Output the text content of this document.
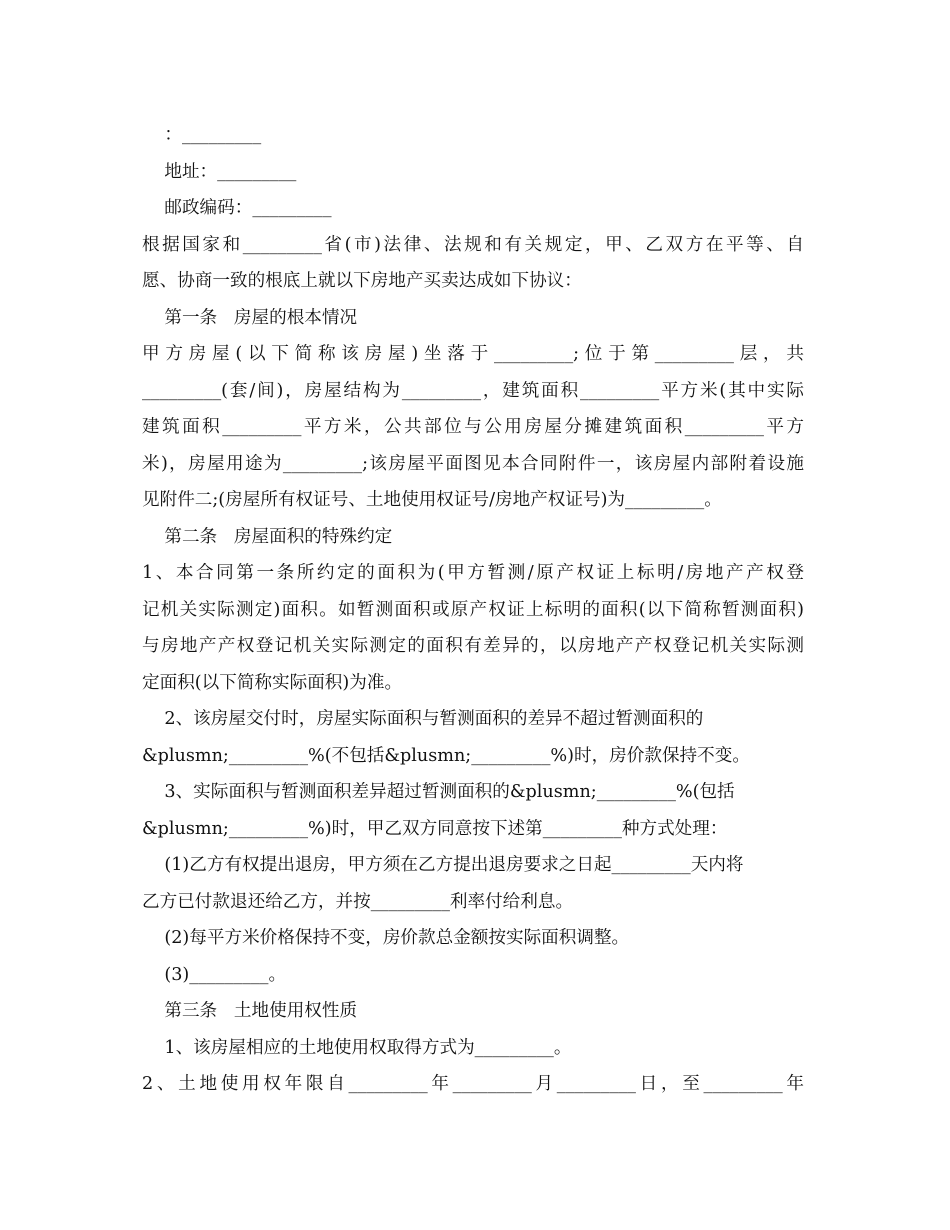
：_________
地址：_________
邮政编码：_________
根据国家和_________省(市)法律、法规和有关规定，甲、乙双方在平等、自
愿、协商一致的根底上就以下房地产买卖达成如下协议：
第一条   房屋的根本情况
甲方房屋(以下简称该房屋)坐落于_________;位于第_________层，共
_________(套/间)，房屋结构为_________，建筑面积_________平方米(其中实际
建筑面积_________平方米，公共部位与公用房屋分摊建筑面积_________平方
米)，房屋用途为_________;该房屋平面图见本合同附件一，该房屋内部附着设施
见附件二;(房屋所有权证号、土地使用权证号/房地产权证号)为_________。
第二条   房屋面积的特殊约定
1、本合同第一条所约定的面积为(甲方暂测/原产权证上标明/房地产产权登
记机关实际测定)面积。如暂测面积或原产权证上标明的面积(以下简称暂测面积)
与房地产产权登记机关实际测定的面积有差异的，以房地产产权登记机关实际测
定面积(以下简称实际面积)为准。
2、该房屋交付时，房屋实际面积与暂测面积的差异不超过暂测面积的
&plusmn;_________%(不包括&plusmn;_________%)时，房价款保持不变。
3、实际面积与暂测面积差异超过暂测面积的&plusmn;_________%(包括
&plusmn;_________%)时，甲乙双方同意按下述第_________种方式处理：
(1)乙方有权提出退房，甲方须在乙方提出退房要求之日起_________天内将
乙方已付款退还给乙方，并按_________利率付给利息。
(2)每平方米价格保持不变，房价款总金额按实际面积调整。
(3)_________。
第三条   土地使用权性质
1、该房屋相应的土地使用权取得方式为_________。
2、土地使用权年限自_________年_________月_________日，至_________年
